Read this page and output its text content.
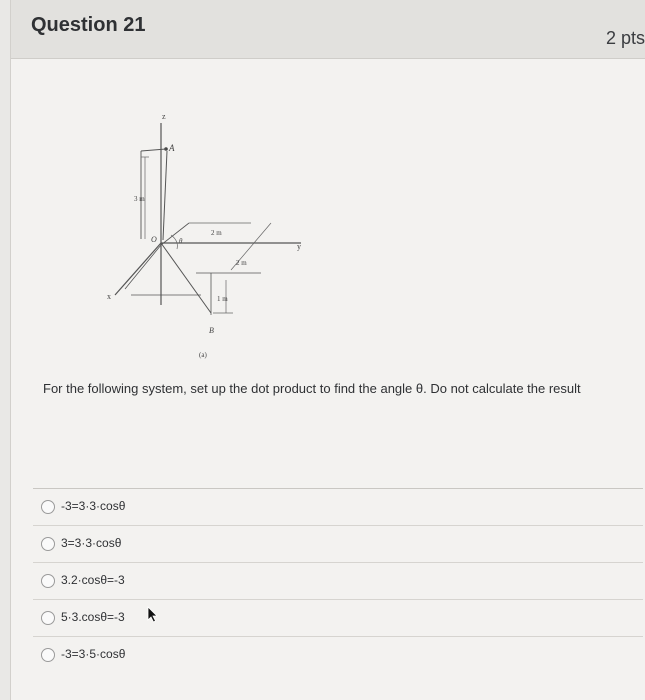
Question 21
2 pts
z
A
3 m
y
x
O	θ
2 m
2 m
1 m
B
(a)
For the following system, set up the dot product to find the angle θ. Do not calculate the result
-3=3·3·cosθ
3=3·3·cosθ
3.2·cosθ=-3
5·3.cosθ=-3
-3=3·5·cosθ
